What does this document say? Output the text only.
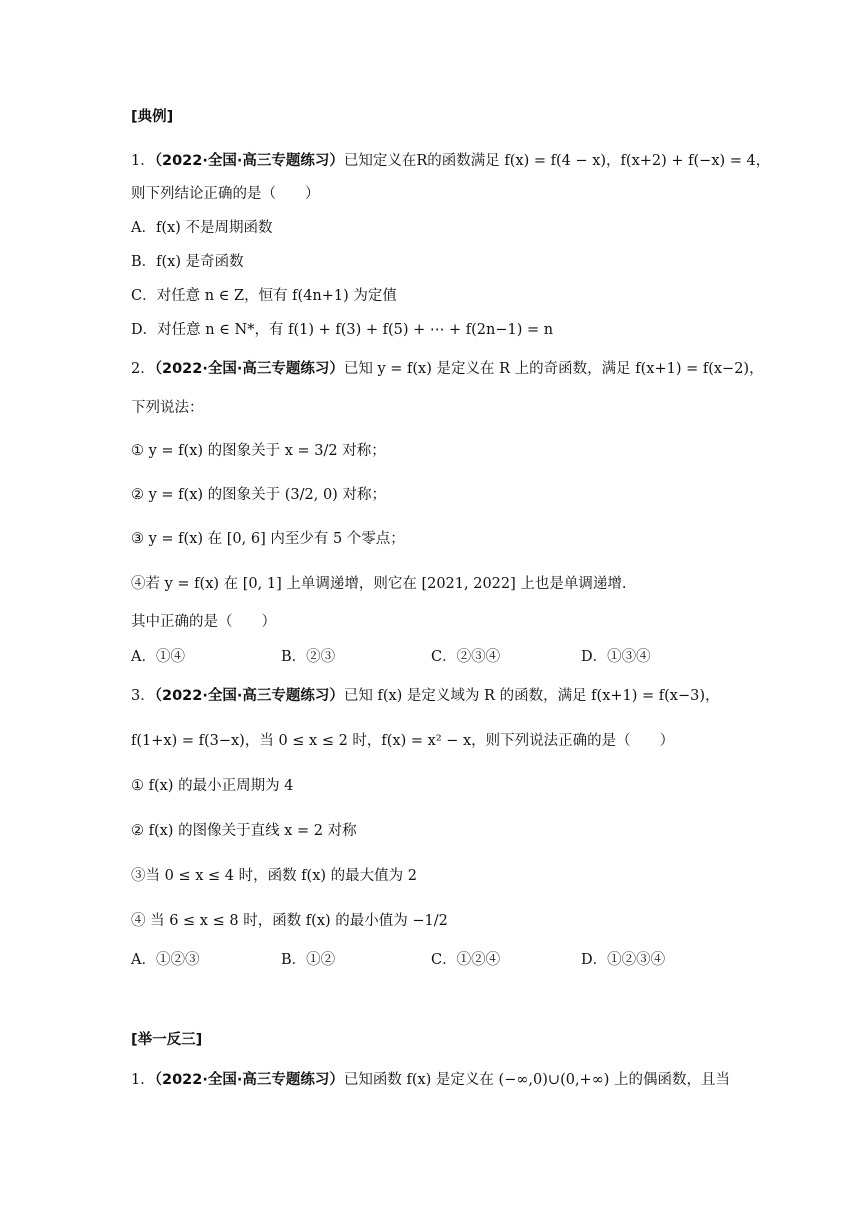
[典例]
1．（2022·全国·高三专题练习）已知定义在R的函数满足 f(x) = f(4 − x)，f(x+2) + f(−x) = 4，
则下列结论正确的是（　　）
A．f(x) 不是周期函数
B．f(x) 是奇函数
C．对任意 n ∈ Z，恒有 f(4n+1) 为定值
D．对任意 n ∈ N*，有 f(1) + f(3) + f(5) + ⋯ + f(2n−1) = n
2．（2022·全国·高三专题练习）已知 y = f(x) 是定义在 R 上的奇函数，满足 f(x+1) = f(x−2)，
下列说法：
① y = f(x) 的图象关于 x = 3/2 对称；
② y = f(x) 的图象关于 (3/2, 0) 对称；
③ y = f(x) 在 [0, 6] 内至少有 5 个零点；
④若 y = f(x) 在 [0, 1] 上单调递增，则它在 [2021, 2022] 上也是单调递增.
其中正确的是（　　）
A．①④	B．②③	C．②③④	D．①③④
3．（2022·全国·高三专题练习）已知 f(x) 是定义域为 R 的函数，满足 f(x+1) = f(x−3)，
f(1+x) = f(3−x)，当 0 ≤ x ≤ 2 时，f(x) = x² − x，则下列说法正确的是（　　）
① f(x) 的最小正周期为 4
② f(x) 的图像关于直线 x = 2 对称
③当 0 ≤ x ≤ 4 时，函数 f(x) 的最大值为 2
④ 当 6 ≤ x ≤ 8 时，函数 f(x) 的最小值为 −1/2
A．①②③	B．①②	C．①②④	D．①②③④
[举一反三]
1．（2022·全国·高三专题练习）已知函数 f(x) 是定义在 (−∞,0)∪(0,+∞) 上的偶函数，且当
